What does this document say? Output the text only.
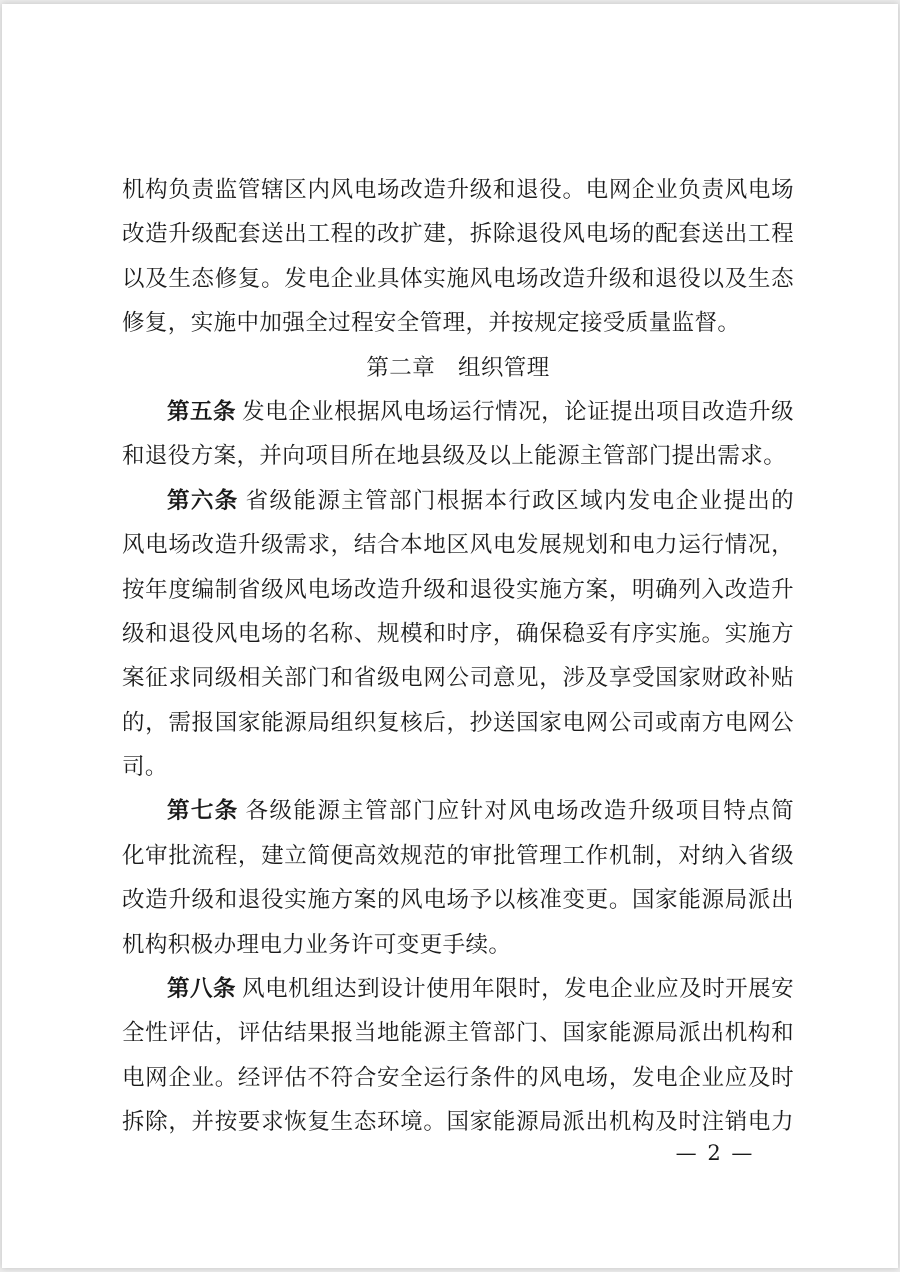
机构负责监管辖区内风电场改造升级和退役。电网企业负责风电场
改造升级配套送出工程的改扩建，拆除退役风电场的配套送出工程
以及生态修复。发电企业具体实施风电场改造升级和退役以及生态
修复，实施中加强全过程安全管理，并按规定接受质量监督。
第二章　组织管理
第五条  发电企业根据风电场运行情况，论证提出项目改造升级
和退役方案，并向项目所在地县级及以上能源主管部门提出需求。
第六条  省级能源主管部门根据本行政区域内发电企业提出的
风电场改造升级需求，结合本地区风电发展规划和电力运行情况，
按年度编制省级风电场改造升级和退役实施方案，明确列入改造升
级和退役风电场的名称、规模和时序，确保稳妥有序实施。实施方
案征求同级相关部门和省级电网公司意见，涉及享受国家财政补贴
的，需报国家能源局组织复核后，抄送国家电网公司或南方电网公
司。
第七条  各级能源主管部门应针对风电场改造升级项目特点简
化审批流程，建立简便高效规范的审批管理工作机制，对纳入省级
改造升级和退役实施方案的风电场予以核准变更。国家能源局派出
机构积极办理电力业务许可变更手续。
第八条  风电机组达到设计使用年限时，发电企业应及时开展安
全性评估，评估结果报当地能源主管部门、国家能源局派出机构和
电网企业。经评估不符合安全运行条件的风电场，发电企业应及时
拆除，并按要求恢复生态环境。国家能源局派出机构及时注销电力
— 2 —
